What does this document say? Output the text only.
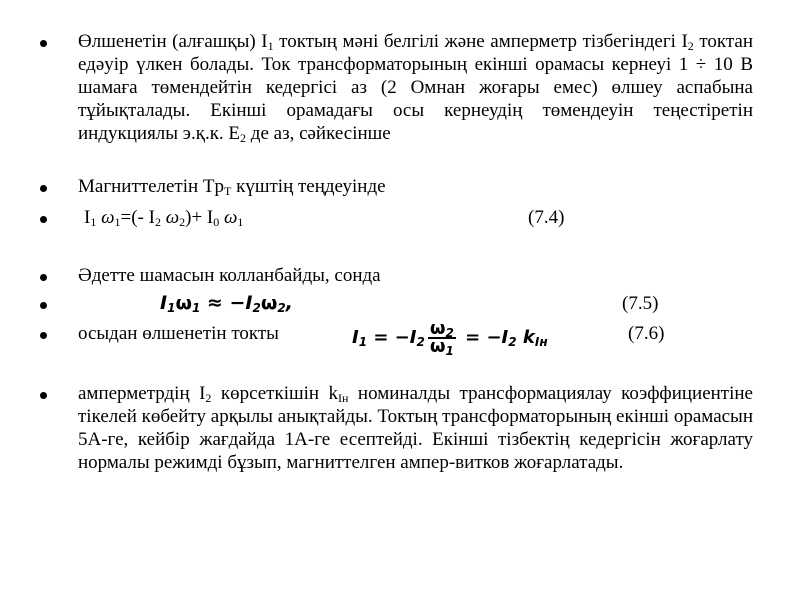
Өлшенетін (алғашқы) $I_1$ токтың мәні белгілі және амперметр тізбегіндегі $I_2$ токтан едәуір үлкен болады. Ток трансформаторының екінші орамасы кернеуі 1 ÷ 10 В шамаға төмендейтін кедергісі аз (2 Омнан жоғары емес) өлшеу аспабына тұйықталады. Екінші орамадағы осы кернеудің төмендеуін теңестіретін индукциялы э.қ.к. $E_2$ де аз, сәйкесінше
Магниттелетін $Tр_T$ күштің теңдеуінде
$I_1$ $\omega_1=(-$ $I_2$ $\omega_2)+ I_0$ $\omega_1$	(7.4)
Әдетте шамасын колланбайды, сонда
$I_1\omega_1 \approx -I_2\omega_2$,	(7.5)
осыдан өлшенетін токты	$I_1 = -I_2 \frac{\omega_2}{\omega_1} = -I_2$ $k_{Iн}$	(7.6)
амперметрдің $I_2$ көрсеткішін $k_{Iн}$ номиналды трансформациялау коэффициентіне тікелей көбейту арқылы анықтайды. Токтың трансформаторының екінші орамасын 5А-ге, кейбір жағдайда 1А-ге есептейді. Екінші тізбектің кедергісін жоғарлату нормалы режимді бұзып, магниттелген ампер-витков жоғарлатады.
